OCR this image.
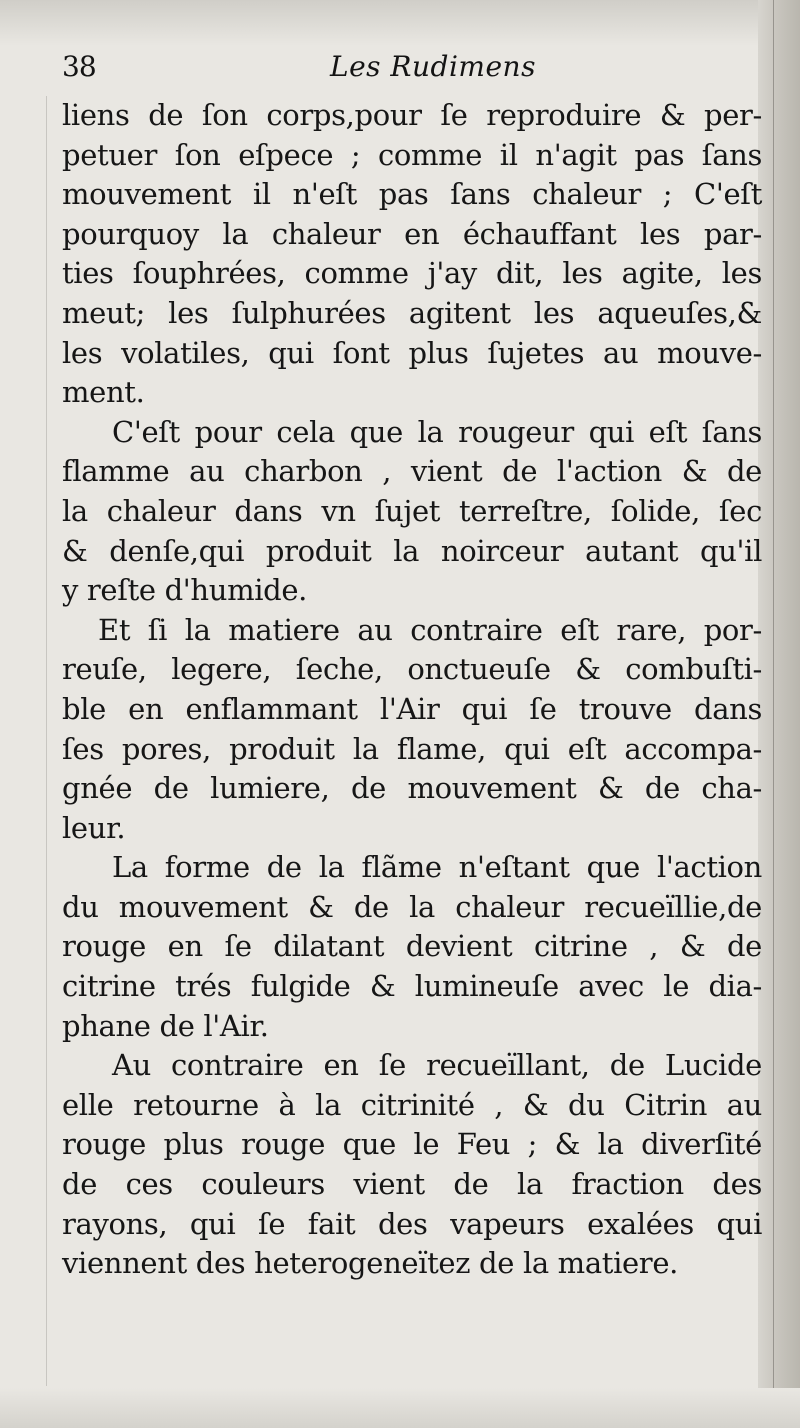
38	Les Rudimens

liens de ſon corps,pour ſe reproduire & per-
petuer ſon eſpece ; comme il n'agit pas ſans
mouvement il n'eſt pas ſans chaleur ; C'eſt
pourquoy la chaleur en échauffant les par-
ties ſouphrées, comme j'ay dit, les agite, les
meut; les ſulphurées agitent les aqueuſes,&
les volatiles, qui ſont plus ſujetes au mouve-
ment.

C'eſt pour cela que la rougeur qui eſt ſans
flamme au charbon , vient de l'action & de
la chaleur dans vn ſujet terreſtre, ſolide, ſec
& denſe,qui produit la noirceur autant qu'il
y reſte d'humide.

Et ſi la matiere au contraire eſt rare, por-
reuſe, legere, ſeche, onctueuſe & combuſti-
ble en enflammant l'Air qui ſe trouve dans
ſes pores, produit la flame, qui eſt accompa-
gnée de lumiere, de mouvement & de cha-
leur.

La forme de la flãme n'eſtant que l'action
du mouvement & de la chaleur recueïllie,de
rouge en ſe dilatant devient citrine , & de
citrine trés fulgide & lumineuſe avec le dia-
phane de l'Air.

Au contraire en ſe recueïllant, de Lucide
elle retourne à la citrinité , & du Citrin au
rouge plus rouge que le Feu ; & la diverſité
de ces couleurs vient de la fraction des
rayons, qui ſe fait des vapeurs exalées qui
viennent des heterogeneïtez de la matiere.
